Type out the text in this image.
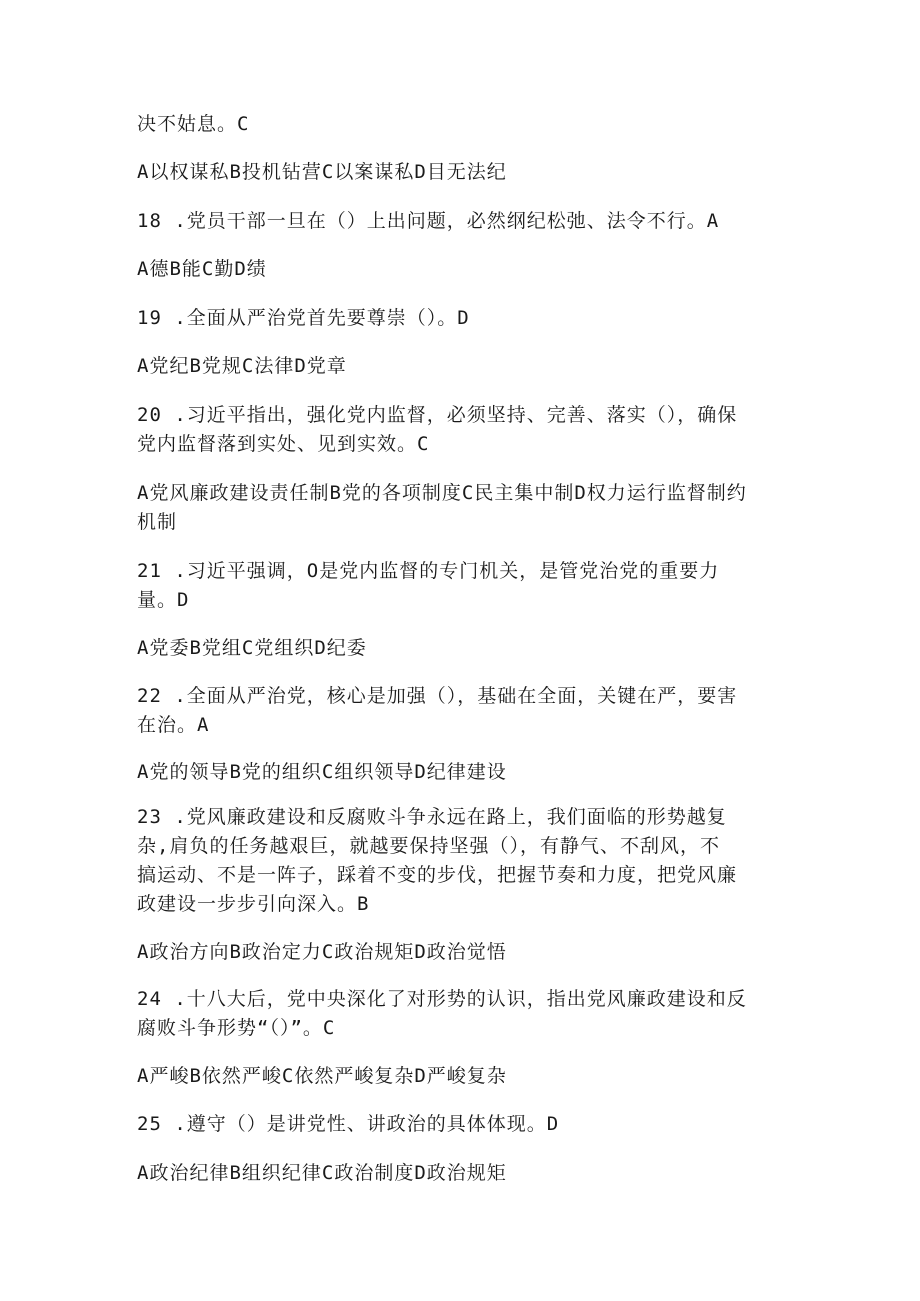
决不姑息。C
A以权谋私B投机钻营C以案谋私D目无法纪
18 .党员干部一旦在（）上出问题，必然纲纪松弛、法令不行。A
A德B能C勤D绩
19 .全面从严治党首先要尊崇（）。D
A党纪B党规C法律D党章
20 .习近平指出，强化党内监督，必须坚持、完善、落实（），确保
党内监督落到实处、见到实效。C
A党风廉政建设责任制B党的各项制度C民主集中制D权力运行监督制约
机制
21 .习近平强调，O是党内监督的专门机关，是管党治党的重要力
量。D
A党委B党组C党组织D纪委
22 .全面从严治党，核心是加强（），基础在全面，关键在严，要害
在治。A
A党的领导B党的组织C组织领导D纪律建设
23 .党风廉政建设和反腐败斗争永远在路上，我们面临的形势越复
杂,肩负的任务越艰巨，就越要保持坚强（），有静气、不刮风，不
搞运动、不是一阵子，踩着不变的步伐，把握节奏和力度，把党风廉
政建设一步步引向深入。B
A政治方向B政治定力C政治规矩D政治觉悟
24 .十八大后，党中央深化了对形势的认识，指出党风廉政建设和反
腐败斗争形势“（）”。C
A严峻B依然严峻C依然严峻复杂D严峻复杂
25 .遵守（）是讲党性、讲政治的具体体现。D
A政治纪律B组织纪律C政治制度D政治规矩
